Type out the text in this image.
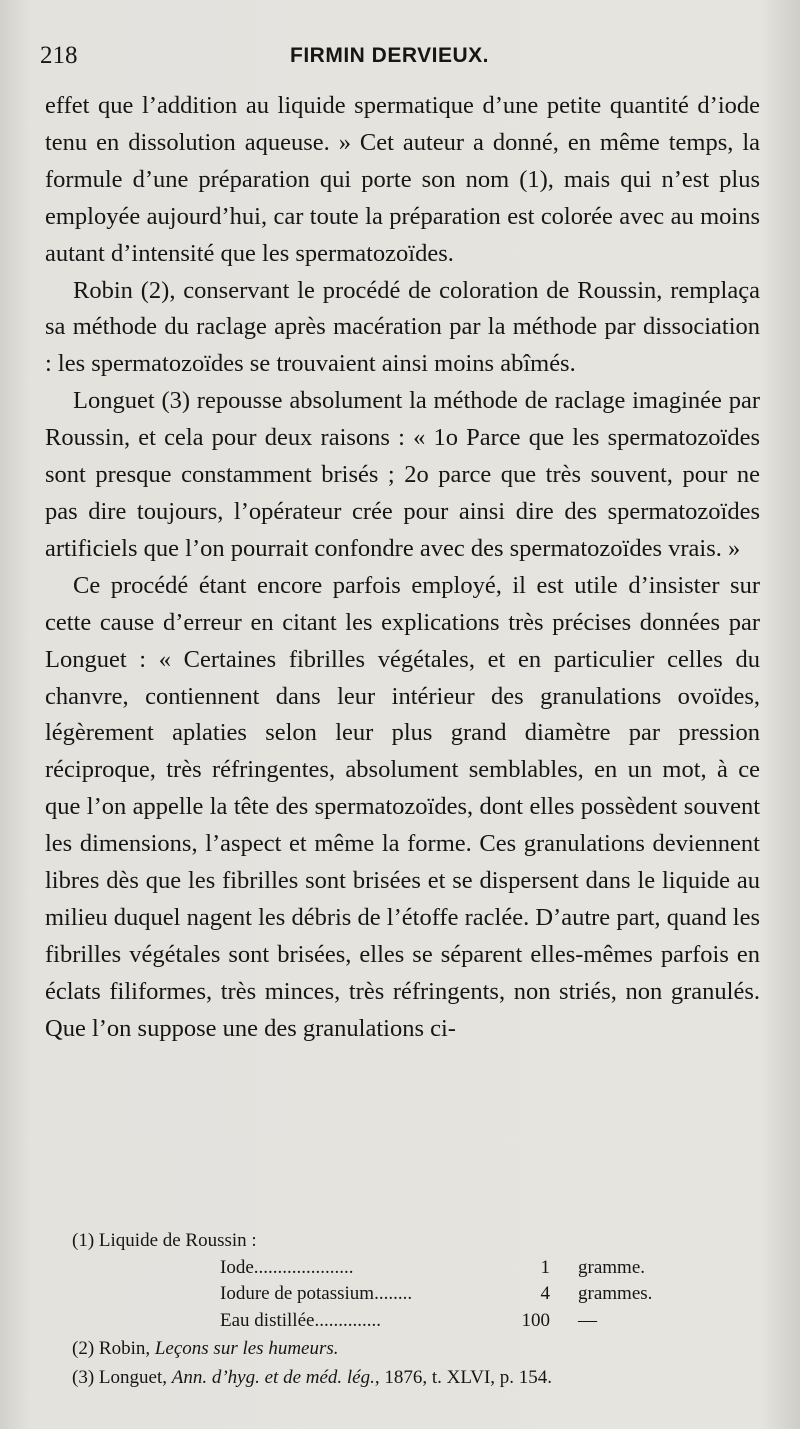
218	FIRMIN DERVIEUX.

effet que l’addition au liquide spermatique d’une petite quantité d’iode tenu en dissolution aqueuse. » Cet auteur a donné, en même temps, la formule d’une préparation qui porte son nom (1), mais qui n’est plus employée aujourd’hui, car toute la préparation est colorée avec au moins autant d’intensité que les spermatozoïdes.

Robin (2), conservant le procédé de coloration de Roussin, remplaça sa méthode du raclage après macération par la méthode par dissociation : les spermatozoïdes se trouvaient ainsi moins abîmés.

Longuet (3) repousse absolument la méthode de raclage imaginée par Roussin, et cela pour deux raisons : « 1o Parce que les spermatozoïdes sont presque constamment brisés ; 2o parce que très souvent, pour ne pas dire toujours, l’opérateur crée pour ainsi dire des spermatozoïdes artificiels que l’on pourrait confondre avec des spermatozoïdes vrais. »

Ce procédé étant encore parfois employé, il est utile d’insister sur cette cause d’erreur en citant les explications très précises données par Longuet : « Certaines fibrilles végétales, et en particulier celles du chanvre, contiennent dans leur intérieur des granulations ovoïdes, légèrement aplaties selon leur plus grand diamètre par pression réciproque, très réfringentes, absolument semblables, en un mot, à ce que l’on appelle la tête des spermatozoïdes, dont elles possèdent souvent les dimensions, l’aspect et même la forme. Ces granulations deviennent libres dès que les fibrilles sont brisées et se dispersent dans le liquide au milieu duquel nagent les débris de l’étoffe raclée. D’autre part, quand les fibrilles végétales sont brisées, elles se séparent elles-mêmes parfois en éclats filiformes, très minces, très réfringents, non striés, non granulés. Que l’on suppose une des granulations ci-

(1) Liquide de Roussin :

Iode.....................	1	gramme.
Iodure de potassium........	4	grammes.
Eau distillée..............	100	—

(2) Robin, Leçons sur les humeurs.

(3) Longuet, Ann. d’hyg. et de méd. lég., 1876, t. XLVI, p. 154.
